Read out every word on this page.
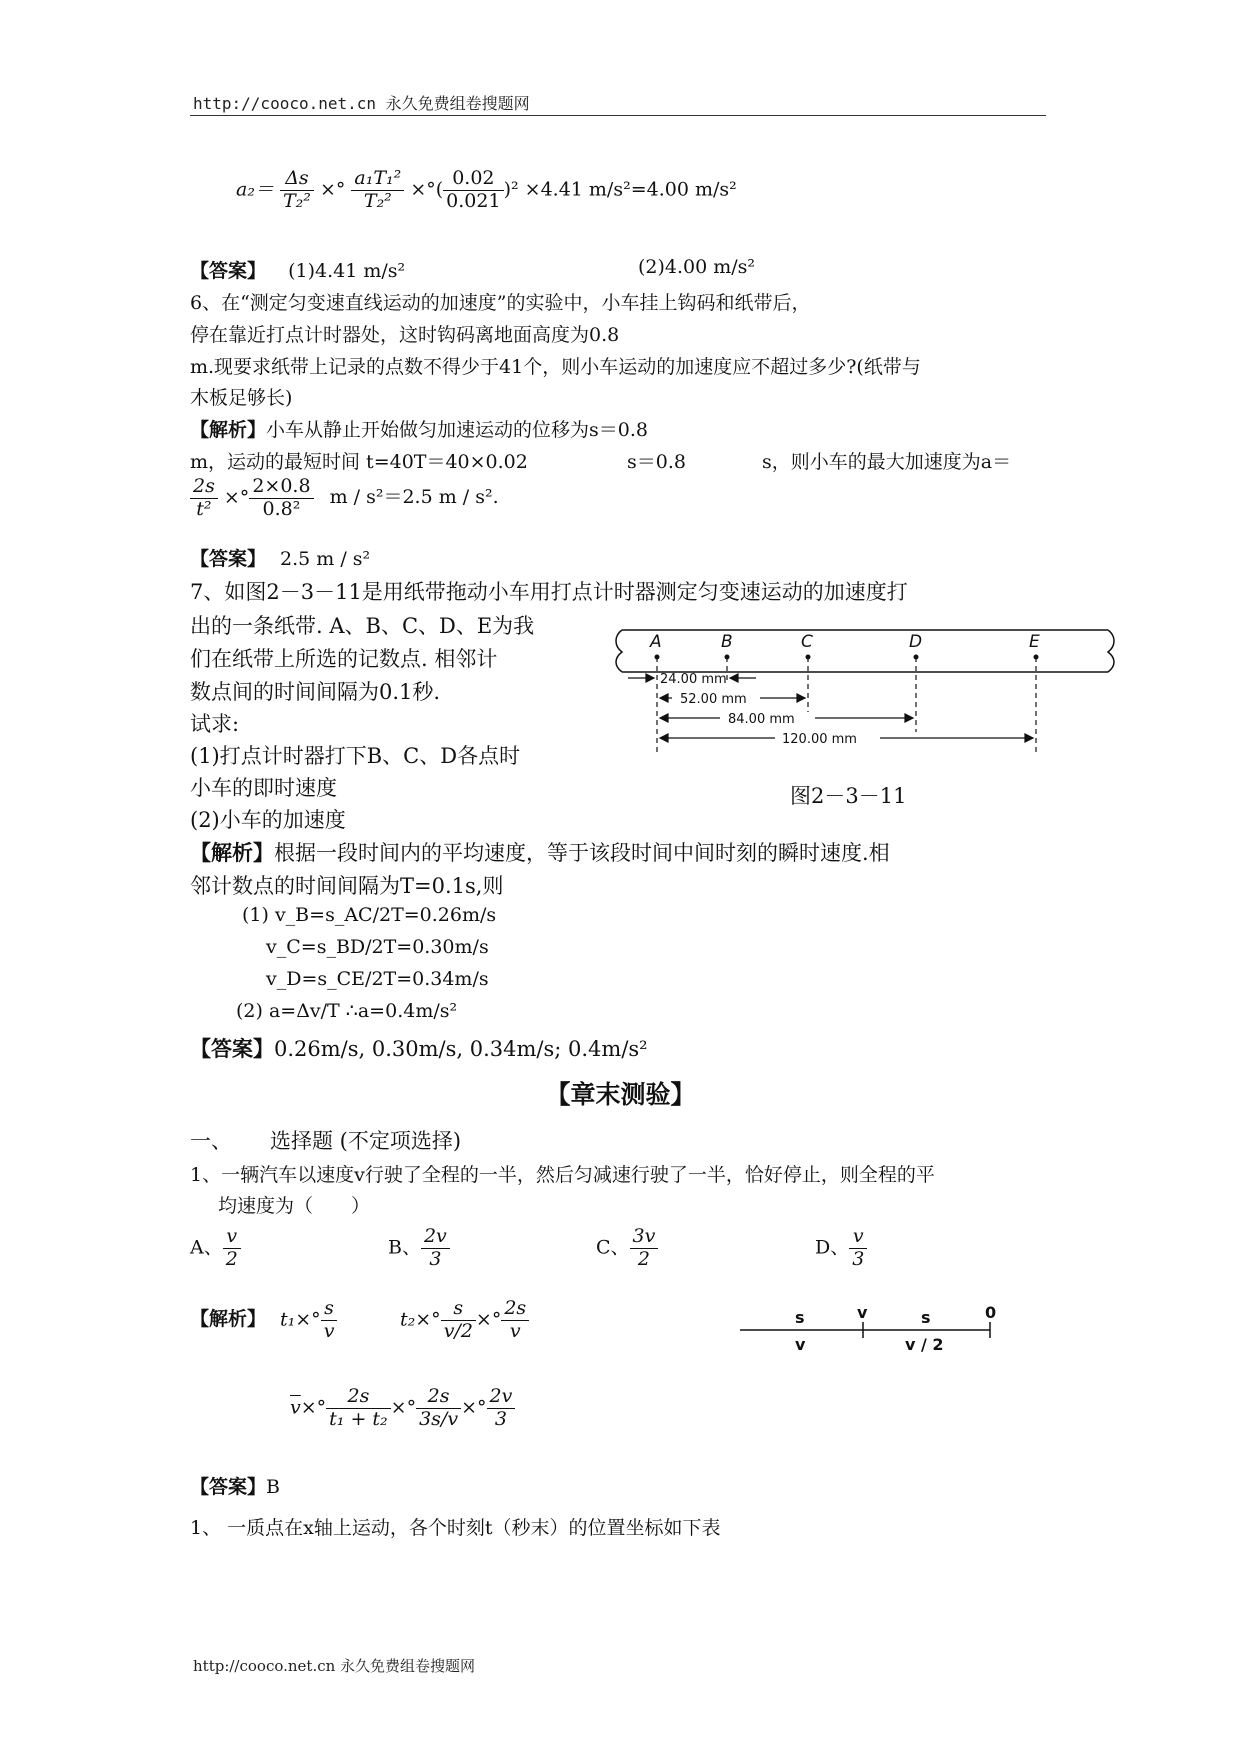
http://cooco.net.cn 永久免费组卷搜题网
$a_2= \frac{\Delta s}{\text{T₂²}}$ ×° $\frac{\text{a₁T₁²}}{\text{T₂²}}$ ×°( $\frac{0.02}{0.021} )^2 \times 4.41$ m/s²=4.00 m/s²
【答案】 (1)4.41 m/s²	(2)4.00 m/s²
6、在“测定匀变速直线运动的加速度”的实验中，小车挂上钩码和纸带后，
停在靠近打点计时器处，这时钩码离地面高度为0.8
m.现要求纸带上记录的点数不得少于41个，则小车运动的加速度应不超过多少?(纸带与
木板足够长)
【解析】小车从静止开始做匀加速运动的位移为s＝0.8
m，运动的最短时间 t=40T＝40×0.02	s＝0.8	s，则小车的最大加速度为a＝
$\frac{2s}{\text{t²}}$ ×° $\frac{2\times 0.8}{\text{0.8²}}$ m / s²＝2.5 m / s².
【答案】 2.5 m / s²
7、如图2－3－11是用纸带拖动小车用打点计时器测定匀变速运动的加速度打
出的一条纸带. A、B、C、D、E为我
们在纸带上所选的记数点. 相邻计
数点间的时间间隔为0.1秒.
试求:
(1)打点计时器打下B、C、D各点时
小车的即时速度
(2)小车的加速度
A	B	C	D	E
24.00 mm
52.00 mm
84.00 mm
120.00 mm
图2－3－11
【解析】根据一段时间内的平均速度，等于该段时间中间时刻的瞬时速度.相
邻计数点的时间间隔为T=0.1s,则
(1) v_B=s_AC/2T=0.26m/s
v_C=s_BD/2T=0.30m/s
v_D=s_CE/2T=0.34m/s
(2) a=Δv/T ∴a=0.4m/s²
【答案】0.26m/s, 0.30m/s, 0.34m/s; 0.4m/s²
【章末测验】
一、 选择题 (不定项选择)
1、一辆汽车以速度v行驶了全程的一半，然后匀减速行驶了一半，恰好停止，则全程的平
均速度为（　　）
A、 $\frac{v}{2}$	B、 $\frac{2v}{3}$	C、 $\frac{3v}{2}$	D、 $\frac{v}{3}$
【解析】 $t_1\times^\circ \frac{s}{v}$	$t_2\times^\circ \frac{s}{v/2}$ ×° $\frac{2s}{v}$
$\overline{v}\times^\circ \frac{2s}{\text{t₁ + t₂}}$ ×° $\frac{2s}{3s/v}$ ×° $\frac{2v}{3}$
s	v	s	0
v	v / 2
【答案】B
1、 一质点在x轴上运动，各个时刻t（秒末）的位置坐标如下表
http://cooco.net.cn 永久免费组卷搜题网
